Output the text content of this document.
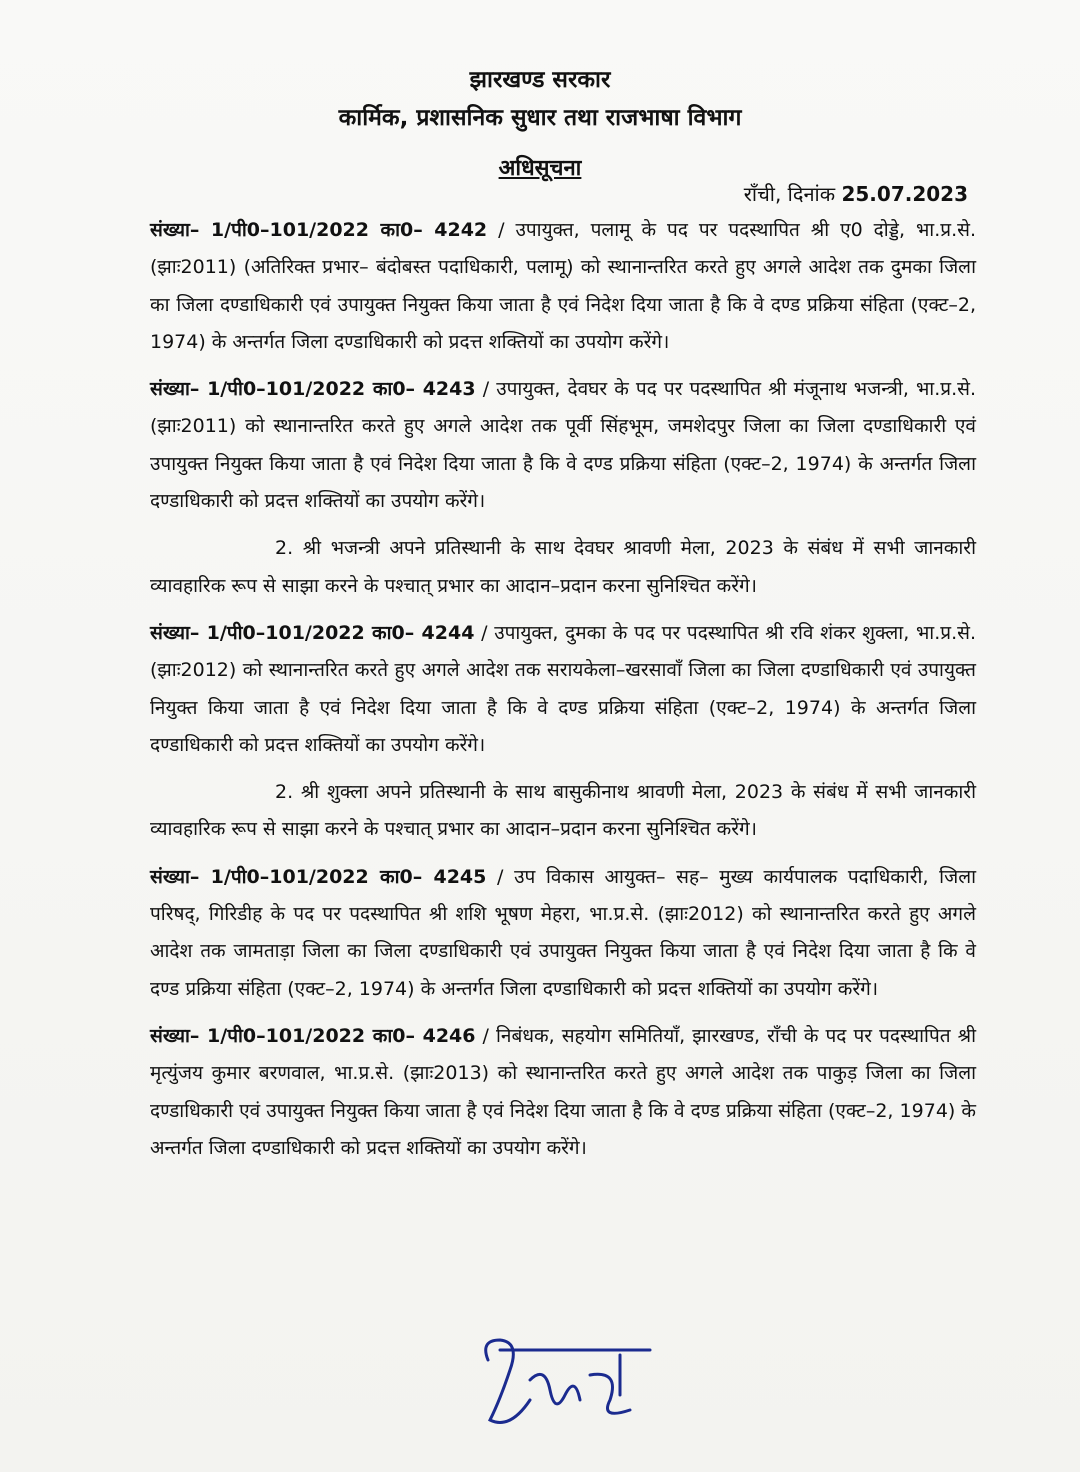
झारखण्ड सरकार
कार्मिक, प्रशासनिक सुधार तथा राजभाषा विभाग
अधिसूचना
राँची, दिनांक 25.07.2023

संख्या– 1/पी0–101/2022 का0– 4242 / उपायुक्त, पलामू के पद पर पदस्थापित श्री ए0 दोड्डे, भा.प्र.से. (झाः2011) (अतिरिक्त प्रभार– बंदोबस्त पदाधिकारी, पलामू) को स्थानान्तरित करते हुए अगले आदेश तक दुमका जिला का जिला दण्डाधिकारी एवं उपायुक्त नियुक्त किया जाता है एवं निदेश दिया जाता है कि वे दण्ड प्रक्रिया संहिता (एक्ट–2, 1974) के अन्तर्गत जिला दण्डाधिकारी को प्रदत्त शक्तियों का उपयोग करेंगे।

संख्या– 1/पी0–101/2022 का0– 4243 / उपायुक्त, देवघर के पद पर पदस्थापित श्री मंजूनाथ भजन्त्री, भा.प्र.से. (झाः2011) को स्थानान्तरित करते हुए अगले आदेश तक पूर्वी सिंहभूम, जमशेदपुर जिला का जिला दण्डाधिकारी एवं उपायुक्त नियुक्त किया जाता है एवं निदेश दिया जाता है कि वे दण्ड प्रक्रिया संहिता (एक्ट–2, 1974) के अन्तर्गत जिला दण्डाधिकारी को प्रदत्त शक्तियों का उपयोग करेंगे।

2. श्री भजन्त्री अपने प्रतिस्थानी के साथ देवघर श्रावणी मेला, 2023 के संबंध में सभी जानकारी व्यावहारिक रूप से साझा करने के पश्चात् प्रभार का आदान–प्रदान करना सुनिश्चित करेंगे।

संख्या– 1/पी0–101/2022 का0– 4244 / उपायुक्त, दुमका के पद पर पदस्थापित श्री रवि शंकर शुक्ला, भा.प्र.से. (झाः2012) को स्थानान्तरित करते हुए अगले आदेश तक सरायकेला–खरसावाँ जिला का जिला दण्डाधिकारी एवं उपायुक्त नियुक्त किया जाता है एवं निदेश दिया जाता है कि वे दण्ड प्रक्रिया संहिता (एक्ट–2, 1974) के अन्तर्गत जिला दण्डाधिकारी को प्रदत्त शक्तियों का उपयोग करेंगे।

2. श्री शुक्ला अपने प्रतिस्थानी के साथ बासुकीनाथ श्रावणी मेला, 2023 के संबंध में सभी जानकारी व्यावहारिक रूप से साझा करने के पश्चात् प्रभार का आदान–प्रदान करना सुनिश्चित करेंगे।

संख्या– 1/पी0–101/2022 का0– 4245 / उप विकास आयुक्त– सह– मुख्य कार्यपालक पदाधिकारी, जिला परिषद्, गिरिडीह के पद पर पदस्थापित श्री शशि भूषण मेहरा, भा.प्र.से. (झाः2012) को स्थानान्तरित करते हुए अगले आदेश तक जामताड़ा जिला का जिला दण्डाधिकारी एवं उपायुक्त नियुक्त किया जाता है एवं निदेश दिया जाता है कि वे दण्ड प्रक्रिया संहिता (एक्ट–2, 1974) के अन्तर्गत जिला दण्डाधिकारी को प्रदत्त शक्तियों का उपयोग करेंगे।

संख्या– 1/पी0–101/2022 का0– 4246 / निबंधक, सहयोग समितियाँ, झारखण्ड, राँची के पद पर पदस्थापित श्री मृत्युंजय कुमार बरणवाल, भा.प्र.से. (झाः2013) को स्थानान्तरित करते हुए अगले आदेश तक पाकुड़ जिला का जिला दण्डाधिकारी एवं उपायुक्त नियुक्त किया जाता है एवं निदेश दिया जाता है कि वे दण्ड प्रक्रिया संहिता (एक्ट–2, 1974) के अन्तर्गत जिला दण्डाधिकारी को प्रदत्त शक्तियों का उपयोग करेंगे।
